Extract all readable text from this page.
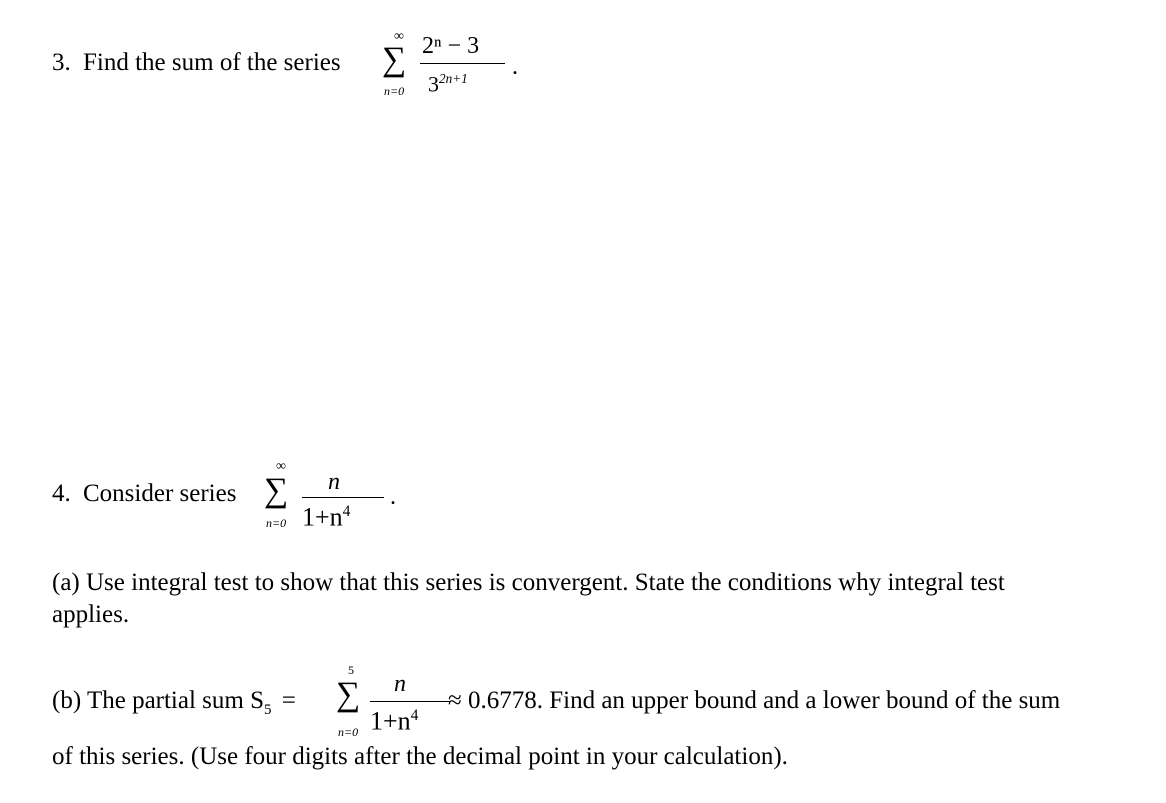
3. Find the sum of the series
∞
∑
n=0
2ⁿ − 3
$3^{2n+1}$ .
4. Consider series
∞
∑
n=0
n
$1+n^4$
.
(a) Use integral test to show that this series is convergent. State the conditions why integral test
applies.
(b) The partial sum $S_5$ =
5
∑
n=0
n
$1+n^4$
≈ 0.6778. Find an upper bound and a lower bound of the sum
of this series. (Use four digits after the decimal point in your calculation).
